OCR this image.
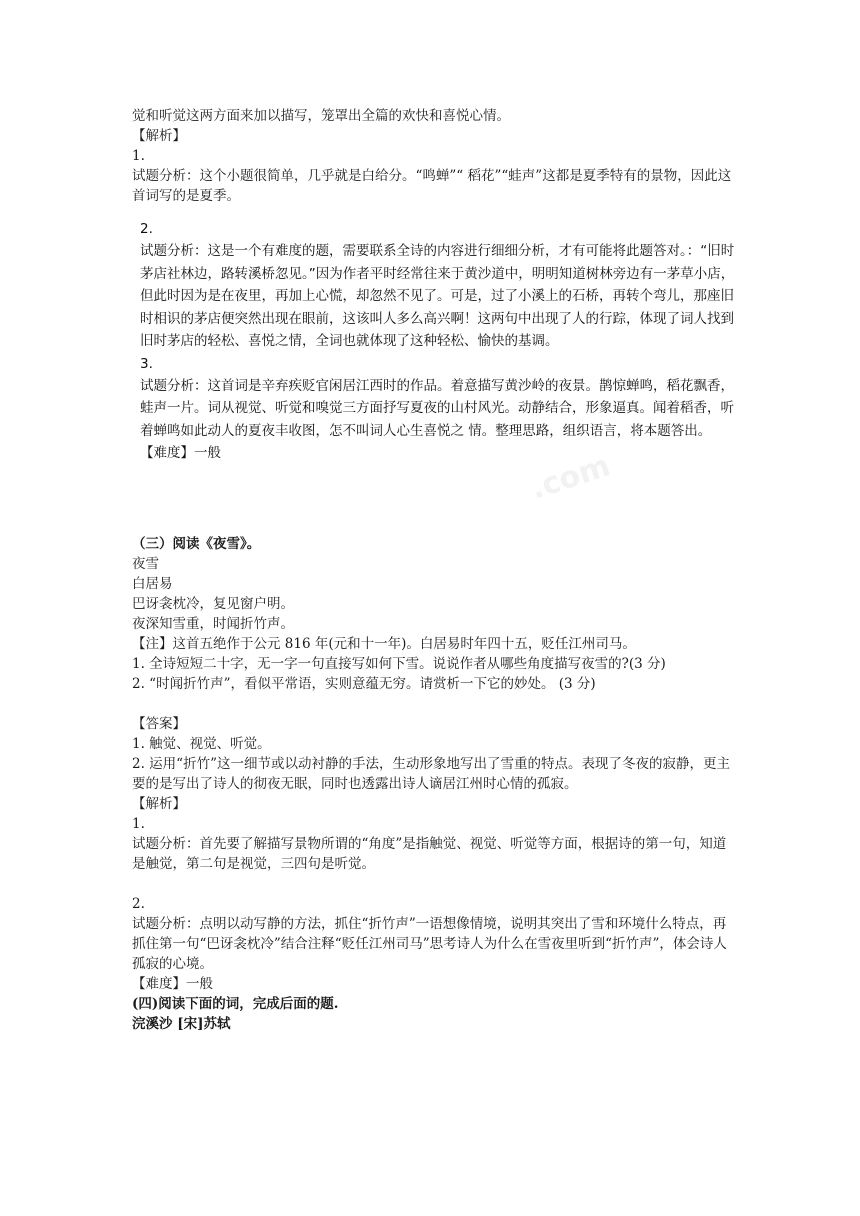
觉和听觉这两方面来加以描写，笼罩出全篇的欢快和喜悦心情。
【解析】
1.
试题分析：这个小题很简单，几乎就是白给分。“鸣蝉”“ 稻花”“蛙声”这都是夏季特有的景物，因此这首词写的是夏季。
2.
试题分析：这是一个有难度的题，需要联系全诗的内容进行细细分析，才有可能将此题答对。：“旧时茅店社林边，路转溪桥忽见。”因为作者平时经常往来于黄沙道中，明明知道树林旁边有一茅草小店，但此时因为是在夜里，再加上心慌，却忽然不见了。可是，过了小溪上的石桥，再转个弯儿，那座旧时相识的茅店便突然出现在眼前，这该叫人多么高兴啊！这两句中出现了人的行踪，体现了词人找到旧时茅店的轻松、喜悦之情，全词也就体现了这种轻松、愉快的基调。
3.
试题分析：这首词是辛弃疾贬官闲居江西时的作品。着意描写黄沙岭的夜景。鹊惊蝉鸣，稻花飘香，蛙声一片。词从视觉、听觉和嗅觉三方面抒写夏夜的山村风光。动静结合，形象逼真。闻着稻香，听着蝉鸣如此动人的夏夜丰收图，怎不叫词人心生喜悦之 情。整理思路，组织语言，将本题答出。
【难度】一般	.com
（三）阅读《夜雪》。
夜雪
白居易
巴讶衾枕冷，复见窗户明。
夜深知雪重，时闻折竹声。
【注】这首五绝作于公元 816 年(元和十一年)。白居易时年四十五，贬任江州司马。
1. 全诗短短二十字，无一字一句直接写如何下雪。说说作者从哪些角度描写夜雪的?(3 分)
2. “时闻折竹声”，看似平常语，实则意蕴无穷。请赏析一下它的妙处。 (3 分)
【答案】
1. 触觉、视觉、听觉。
2. 运用“折竹”这一细节或以动衬静的手法，生动形象地写出了雪重的特点。表现了冬夜的寂静，更主要的是写出了诗人的彻夜无眠，同时也透露出诗人谪居江州时心情的孤寂。
【解析】
1.
试题分析：首先要了解描写景物所谓的“角度”是指触觉、视觉、听觉等方面，根据诗的第一句，知道是触觉，第二句是视觉，三四句是听觉。
2.
试题分析：点明以动写静的方法，抓住“折竹声”一语想像情境，说明其突出了雪和环境什么特点，再抓住第一句“巴讶衾枕冷”结合注释“贬任江州司马”思考诗人为什么在雪夜里听到“折竹声”，体会诗人孤寂的心境。
【难度】一般
(四)阅读下面的词，完成后面的题.
浣溪沙 [宋]苏轼
